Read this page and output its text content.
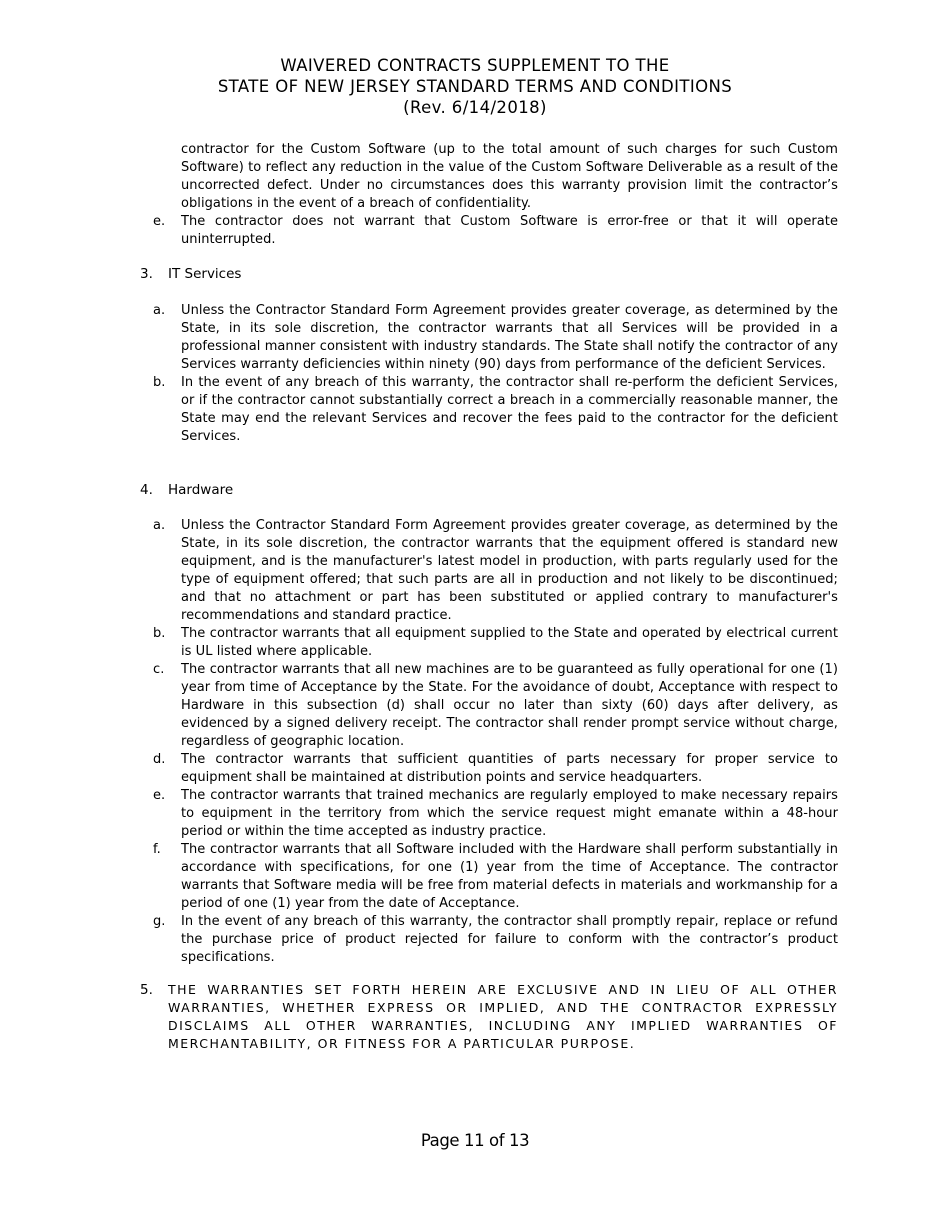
WAIVERED CONTRACTS SUPPLEMENT TO THE
STATE OF NEW JERSEY STANDARD TERMS AND CONDITIONS
(Rev. 6/14/2018)
contractor for the Custom Software (up to the total amount of such charges for such Custom Software) to reflect any reduction in the value of the Custom Software Deliverable as a result of the uncorrected defect. Under no circumstances does this warranty provision limit the contractor’s obligations in the event of a breach of confidentiality.
e. The contractor does not warrant that Custom Software is error-free or that it will operate uninterrupted.
3. IT Services
a. Unless the Contractor Standard Form Agreement provides greater coverage, as determined by the State, in its sole discretion, the contractor warrants that all Services will be provided in a professional manner consistent with industry standards. The State shall notify the contractor of any Services warranty deficiencies within ninety (90) days from performance of the deficient Services.
b. In the event of any breach of this warranty, the contractor shall re-perform the deficient Services, or if the contractor cannot substantially correct a breach in a commercially reasonable manner, the State may end the relevant Services and recover the fees paid to the contractor for the deficient Services.
4. Hardware
a. Unless the Contractor Standard Form Agreement provides greater coverage, as determined by the State, in its sole discretion, the contractor warrants that the equipment offered is standard new equipment, and is the manufacturer's latest model in production, with parts regularly used for the type of equipment offered; that such parts are all in production and not likely to be discontinued; and that no attachment or part has been substituted or applied contrary to manufacturer's recommendations and standard practice.
b. The contractor warrants that all equipment supplied to the State and operated by electrical current is UL listed where applicable.
c. The contractor warrants that all new machines are to be guaranteed as fully operational for one (1) year from time of Acceptance by the State. For the avoidance of doubt, Acceptance with respect to Hardware in this subsection (d) shall occur no later than sixty (60) days after delivery, as evidenced by a signed delivery receipt. The contractor shall render prompt service without charge, regardless of geographic location.
d. The contractor warrants that sufficient quantities of parts necessary for proper service to equipment shall be maintained at distribution points and service headquarters.
e. The contractor warrants that trained mechanics are regularly employed to make necessary repairs to equipment in the territory from which the service request might emanate within a 48-hour period or within the time accepted as industry practice.
f. The contractor warrants that all Software included with the Hardware shall perform substantially in accordance with specifications, for one (1) year from the time of Acceptance. The contractor warrants that Software media will be free from material defects in materials and workmanship for a period of one (1) year from the date of Acceptance.
g. In the event of any breach of this warranty, the contractor shall promptly repair, replace or refund the purchase price of product rejected for failure to conform with the contractor’s product specifications.
5. THE WARRANTIES SET FORTH HEREIN ARE EXCLUSIVE AND IN LIEU OF ALL OTHER WARRANTIES, WHETHER EXPRESS OR IMPLIED, AND THE CONTRACTOR EXPRESSLY DISCLAIMS ALL OTHER WARRANTIES, INCLUDING ANY IMPLIED WARRANTIES OF MERCHANTABILITY, OR FITNESS FOR A PARTICULAR PURPOSE.
Page 11 of 13
